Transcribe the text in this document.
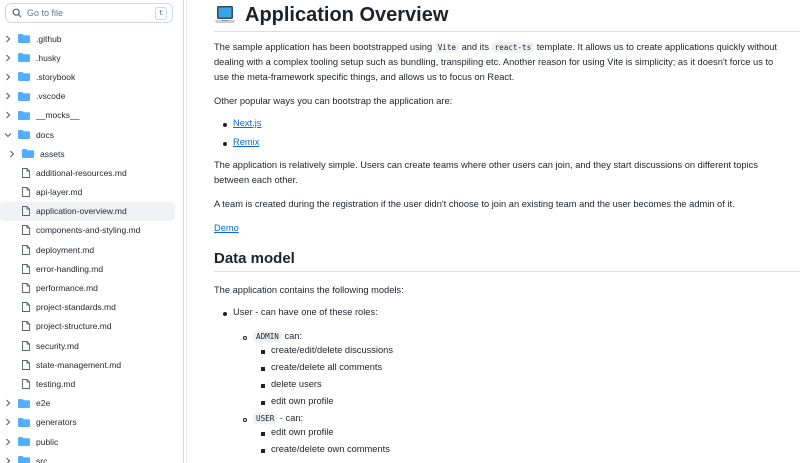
Go to file	t
.github
.husky
.storybook
.vscode
__mocks__
docs
assets
additional-resources.md
api-layer.md
application-overview.md
components-and-styling.md
deployment.md
error-handling.md
performance.md
project-standards.md
project-structure.md
security.md
state-management.md
testing.md
e2e
generators
public
src
Application Overview
The sample application has been bootstrapped using Vite and its react-ts template. It allows us to create applications quickly without
dealing with a complex tooling setup such as bundling, transpiling etc. Another reason for using Vite is simplicity; as it doesn't force us to
use the meta-framework specific things, and allows us to focus on React.
Other popular ways you can bootstrap the application are:
Next.js
Remix
The application is relatively simple. Users can create teams where other users can join, and they start discussions on different topics
between each other.
A team is created during the registration if the user didn't choose to join an existing team and the user becomes the admin of it.
Demo
Data model
The application contains the following models:
User - can have one of these roles:
ADMIN can:
create/edit/delete discussions
create/delete all comments
delete users
edit own profile
USER - can:
edit own profile
create/delete own comments
